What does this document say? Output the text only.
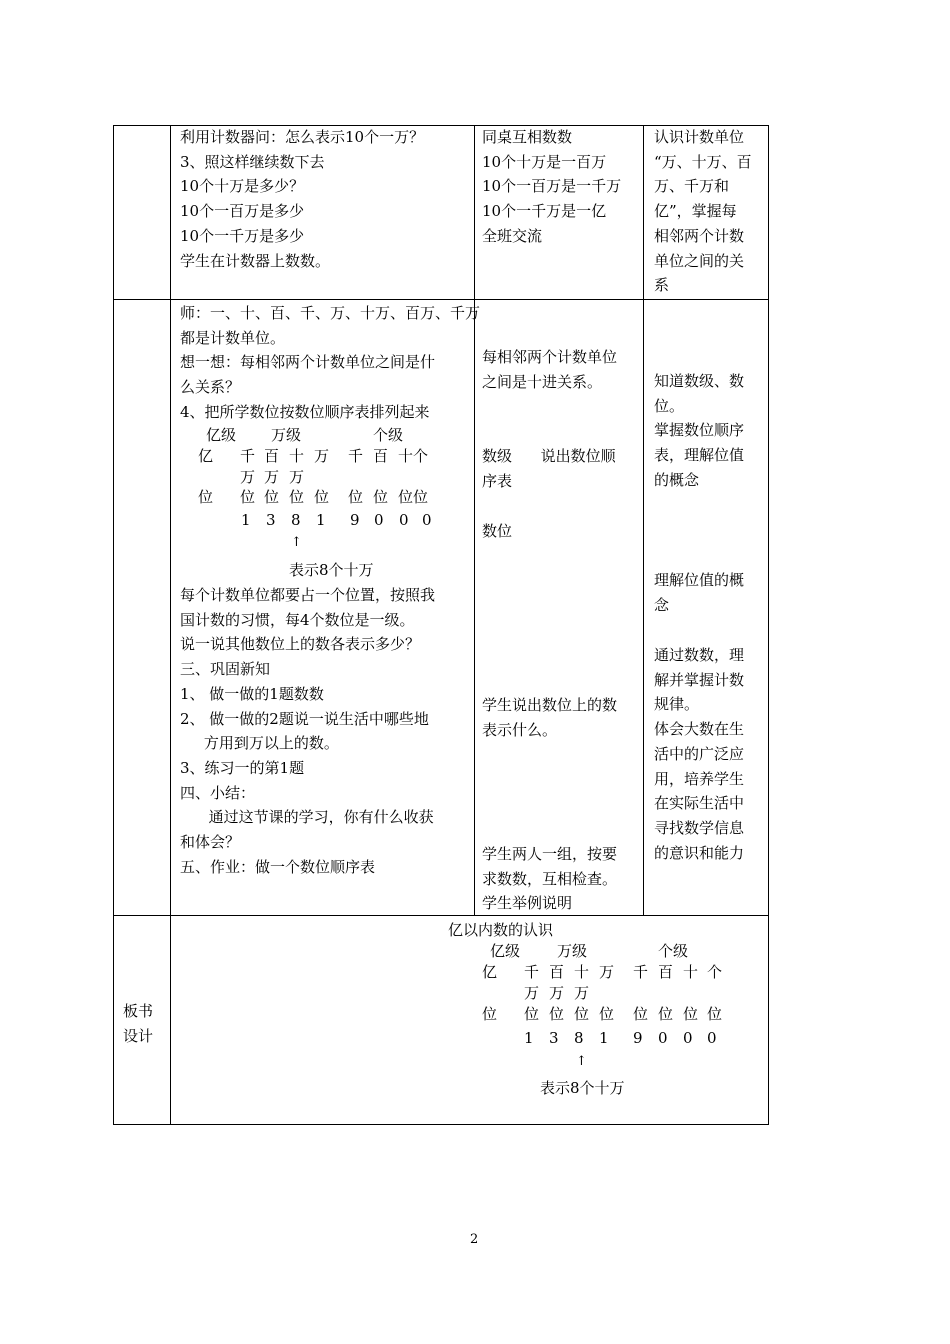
利用计数器问：怎么表示10个一万？
3、照这样继续数下去
10个十万是多少？
10个一百万是多少
10个一千万是多少
学生在计数器上数数。
同桌互相数数
10个十万是一百万
10个一百万是一千万
10个一千万是一亿
全班交流
认识计数单位
“万、十万、百
万、千万和
亿”，掌握每
相邻两个计数
单位之间的关
系
师：一、十、百、千、万、十万、百万、千万
都是计数单位。
想一想：每相邻两个计数单位之间是什
么关系？
4、把所学数位按数位顺序表排列起来
亿级 万级	个级
亿 千 百 十 万 千 百 十个
万 万 万
位 位 位 位 位 位 位 位位
1 3 8 1 9 0 0 0
↑
表示8个十万
每个计数单位都要占一个位置，按照我
国计数的习惯，每4个数位是一级。
说一说其他数位上的数各表示多少？
三、巩固新知
1、 做一做的1题数数
2、 做一做的2题说一说生活中哪些地
方用到万以上的数。
3、练习一的第1题
四、小结：
通过这节课的学习，你有什么收获
和体会？
五、作业：做一个数位顺序表
每相邻两个计数单位
之间是十进关系。
数级      说出数位顺
序表
数位
学生说出数位上的数
表示什么。
学生两人一组，按要
求数数，互相检查。
学生举例说明
知道数级、数
位。
掌握数位顺序
表，理解位值
的概念
理解位值的概
念
通过数数，理
解并掌握计数
规律。
体会大数在生
活中的广泛应
用，培养学生
在实际生活中
寻找数学信息
的意识和能力
板书
设计
亿以内数的认识
亿级 万级	个级
亿 千 百 十 万 千 百 十 个
万 万 万
位 位 位 位 位 位 位 位 位
1 3 8 1 9 0 0 0
↑
表示8个十万
2
